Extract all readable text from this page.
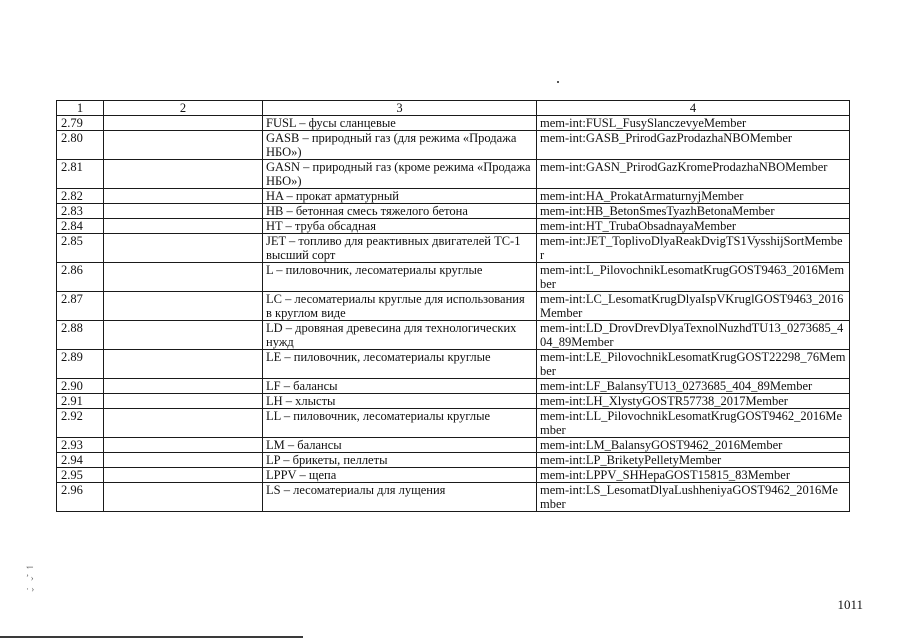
1	2	3	4
2.79		FUSL – фусы сланцевые	mem-int:FUSL_FusySlanczevyeMember
2.80		GASB – природный газ (для режима «Продажа НБО»)	mem-int:GASB_PrirodGazProdazhaNBOMember
2.81		GASN – природный газ (кроме режима «Продажа НБО»)	mem-int:GASN_PrirodGazKromeProdazhaNBOMember
2.82		HA – прокат арматурный	mem-int:HA_ProkatArmaturnyjMember
2.83		HB – бетонная смесь тяжелого бетона	mem-int:HB_BetonSmesTyazhBetonaMember
2.84		HT – труба обсадная	mem-int:HT_TrubaObsadnayaMember
2.85		JET – топливо для реактивных двигателей ТС-1 высший сорт	mem-int:JET_ToplivoDlyaReakDvigTS1VysshijSortMember
2.86		L – пиловочник, лесоматериалы круглые	mem-int:L_PilovochnikLesomatKrugGOST9463_2016Member
2.87		LC – лесоматериалы круглые для использования в круглом виде	mem-int:LC_LesomatKrugDlyaIspVKruglGOST9463_2016Member
2.88		LD – дровяная древесина для технологических нужд	mem-int:LD_DrovDrevDlyaTexnolNuzhdTU13_0273685_404_89Member
2.89		LE – пиловочник, лесоматериалы круглые	mem-int:LE_PilovochnikLesomatKrugGOST22298_76Member
2.90		LF – балансы	mem-int:LF_BalansyTU13_0273685_404_89Member
2.91		LH – хлысты	mem-int:LH_XlystyGOSTR57738_2017Member
2.92		LL – пиловочник, лесоматериалы круглые	mem-int:LL_PilovochnikLesomatKrugGOST9462_2016Member
2.93		LM – балансы	mem-int:LM_BalansyGOST9462_2016Member
2.94		LP – брикеты, пеллеты	mem-int:LP_BriketyPelletyMember
2.95		LPPV – щепа	mem-int:LPPV_SHHepaGOST15815_83Member
2.96		LS – лесоматериалы для лущения	mem-int:LS_LesomatDlyaLushheniyaGOST9462_2016Member
↽
’ ›
· ›
1011
